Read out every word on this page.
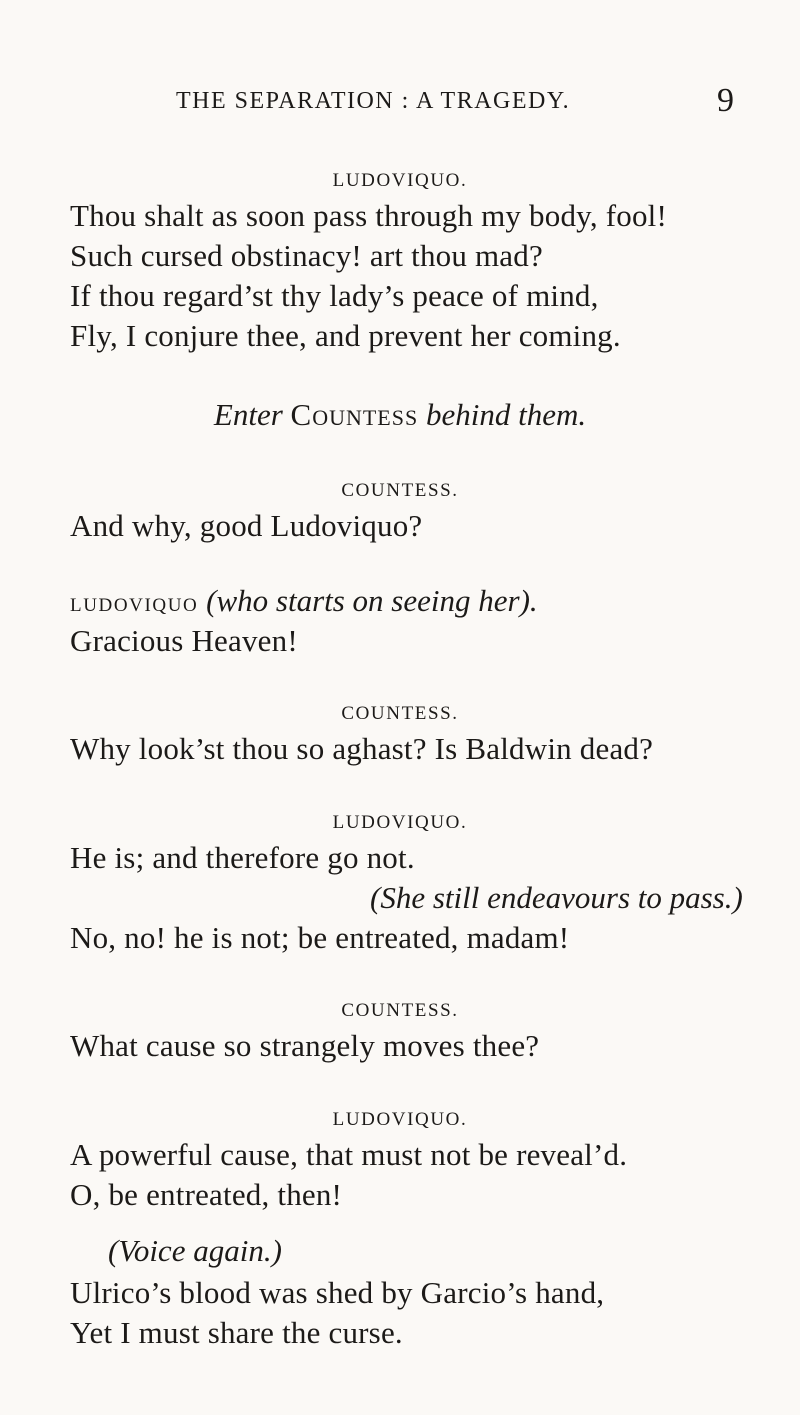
THE SEPARATION : A TRAGEDY.	9
LUDOVIQUO.
Thou shalt as soon pass through my body, fool!
Such cursed obstinacy! art thou mad?
If thou regard’st thy lady’s peace of mind,
Fly, I conjure thee, and prevent her coming.
Enter Countess behind them.
COUNTESS.
And why, good Ludoviquo?
LUDOVIQUO (who starts on seeing her).
Gracious Heaven!
COUNTESS.
Why look’st thou so aghast? Is Baldwin dead?
LUDOVIQUO.
He is; and therefore go not.
(She still endeavours to pass.)
No, no! he is not; be entreated, madam!
COUNTESS.
What cause so strangely moves thee?
LUDOVIQUO.
A powerful cause, that must not be reveal’d.
O, be entreated, then!
(Voice again.)
Ulrico’s blood was shed by Garcio’s hand,
Yet I must share the curse.
